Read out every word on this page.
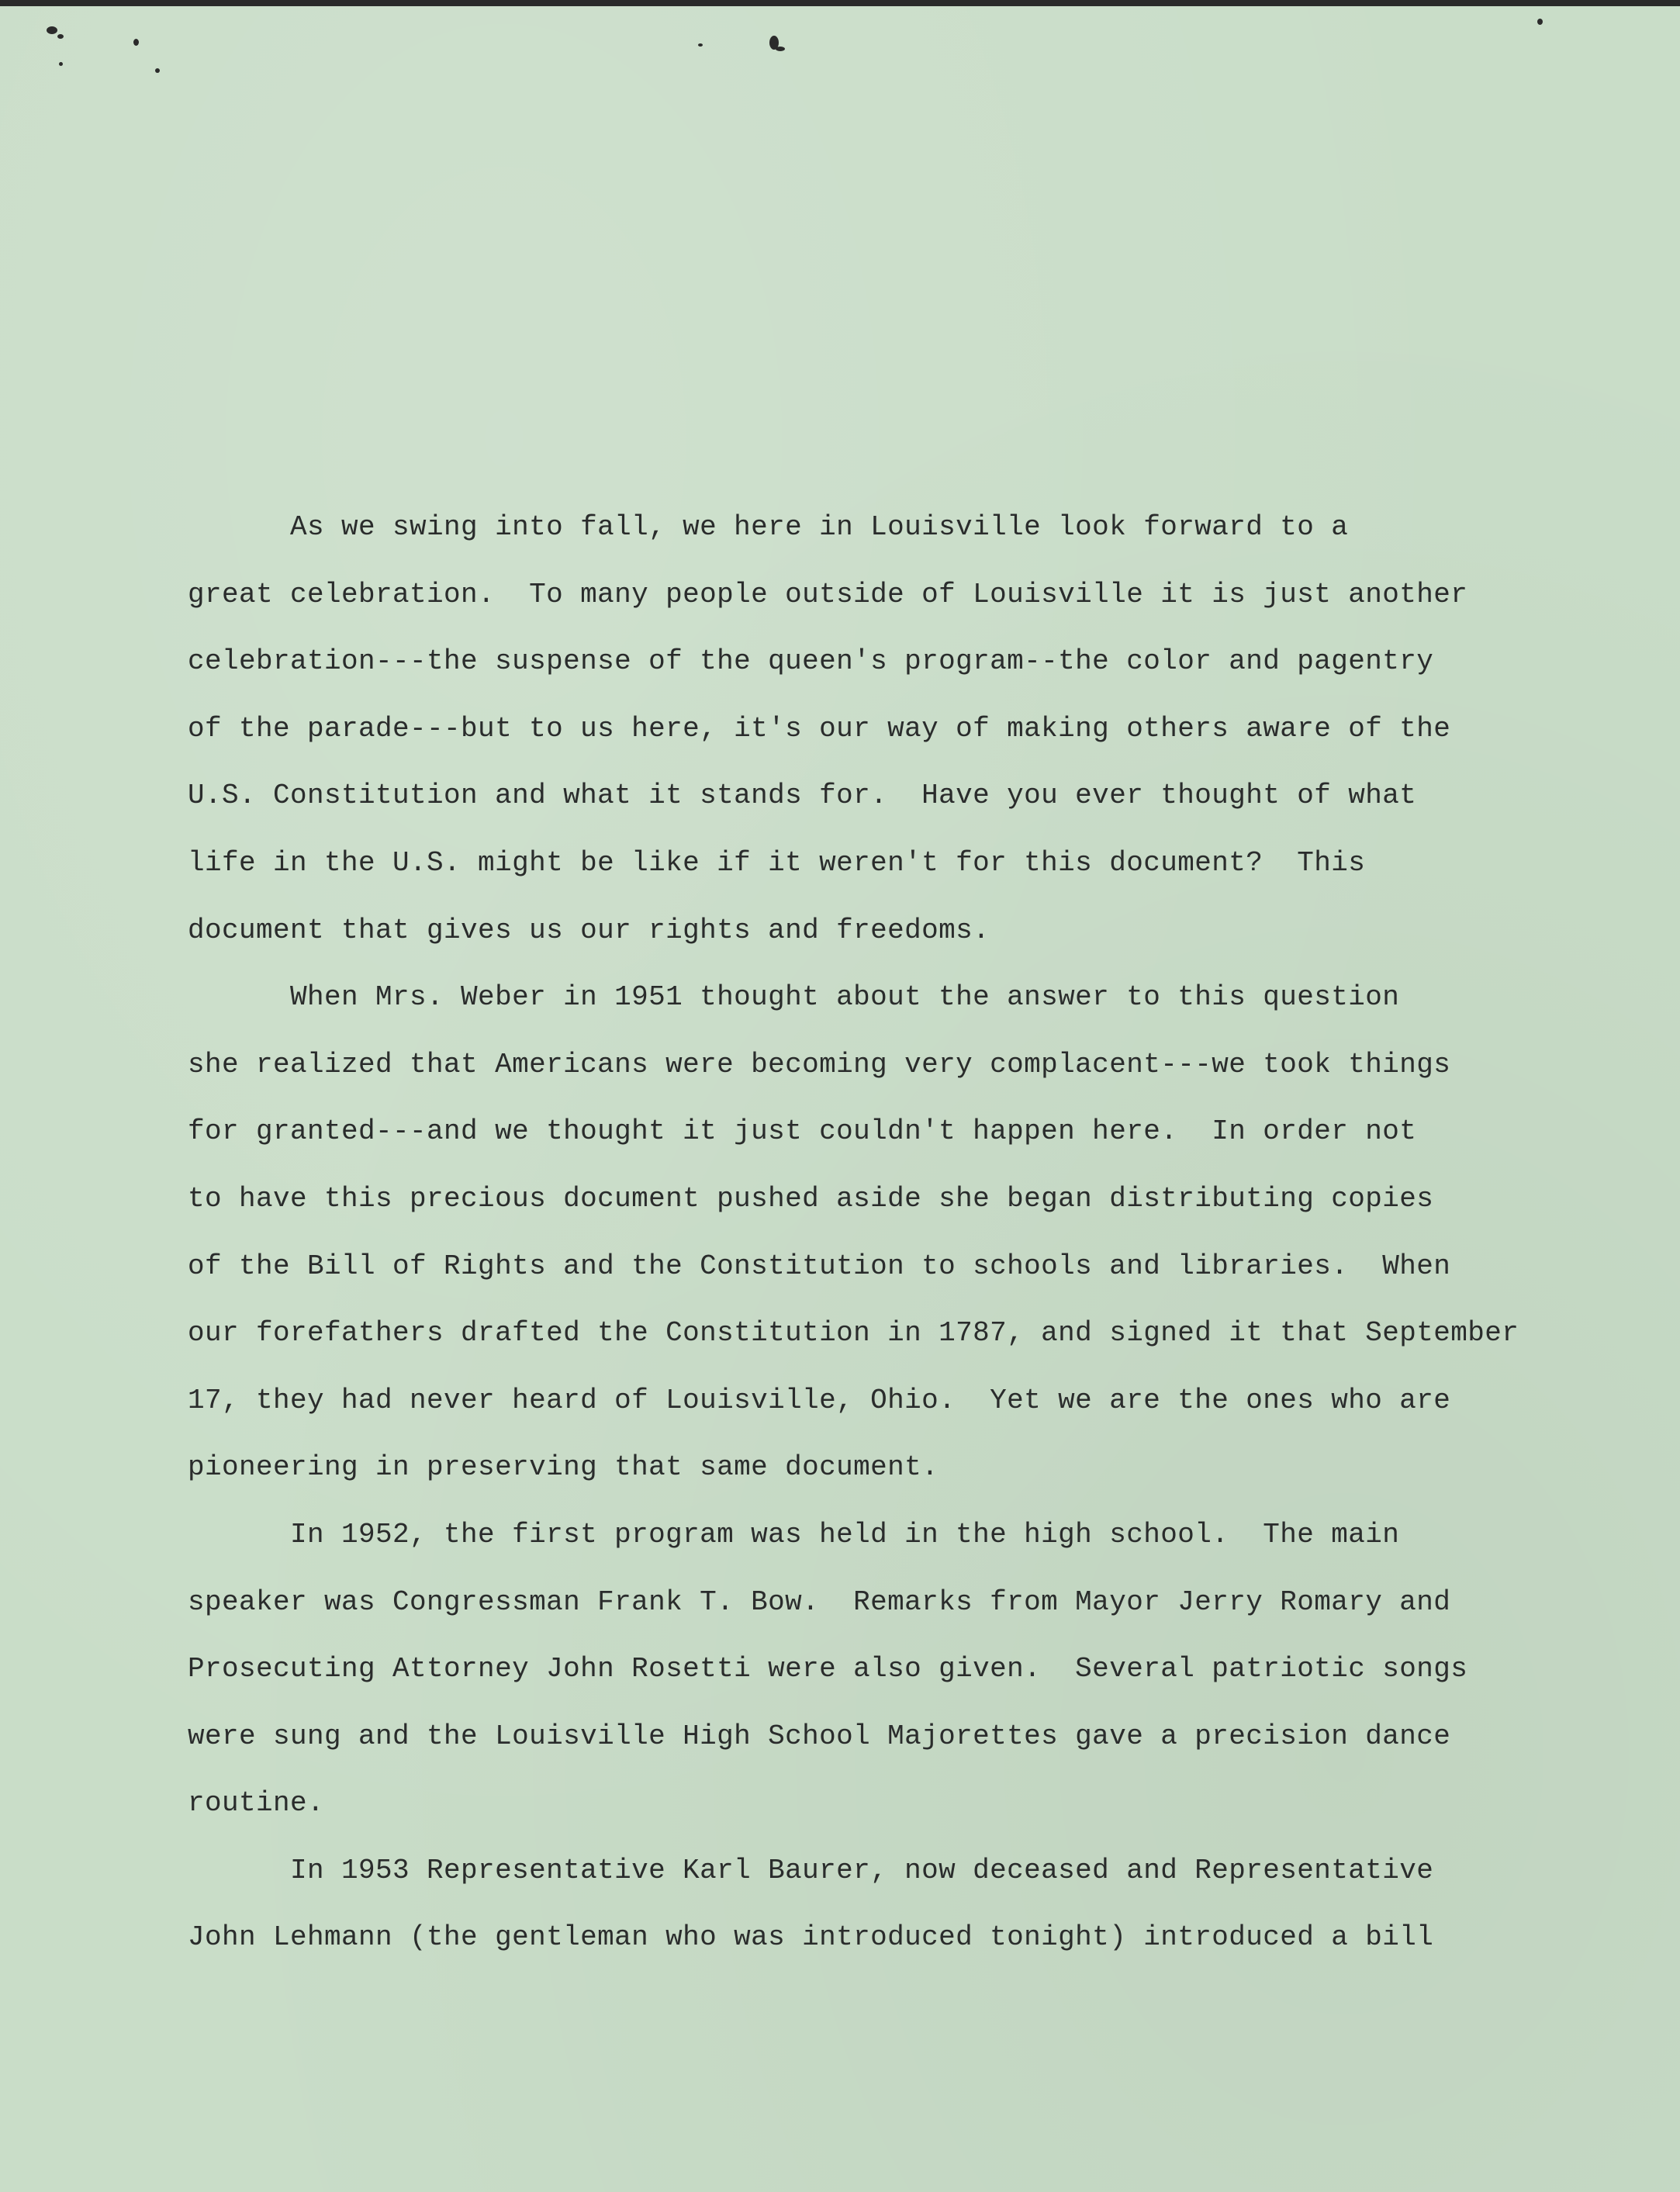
As we swing into fall, we here in Louisville look forward to a
great celebration.  To many people outside of Louisville it is just another
celebration---the suspense of the queen's program--the color and pagentry
of the parade---but to us here, it's our way of making others aware of the
U.S. Constitution and what it stands for.  Have you ever thought of what
life in the U.S. might be like if it weren't for this document?  This
document that gives us our rights and freedoms.
When Mrs. Weber in 1951 thought about the answer to this question
she realized that Americans were becoming very complacent---we took things
for granted---and we thought it just couldn't happen here.  In order not
to have this precious document pushed aside she began distributing copies
of the Bill of Rights and the Constitution to schools and libraries.  When
our forefathers drafted the Constitution in 1787, and signed it that September
17, they had never heard of Louisville, Ohio.  Yet we are the ones who are
pioneering in preserving that same document.
In 1952, the first program was held in the high school.  The main
speaker was Congressman Frank T. Bow.  Remarks from Mayor Jerry Romary and
Prosecuting Attorney John Rosetti were also given.  Several patriotic songs
were sung and the Louisville High School Majorettes gave a precision dance
routine.
In 1953 Representative Karl Baurer, now deceased and Representative
John Lehmann (the gentleman who was introduced tonight) introduced a bill
